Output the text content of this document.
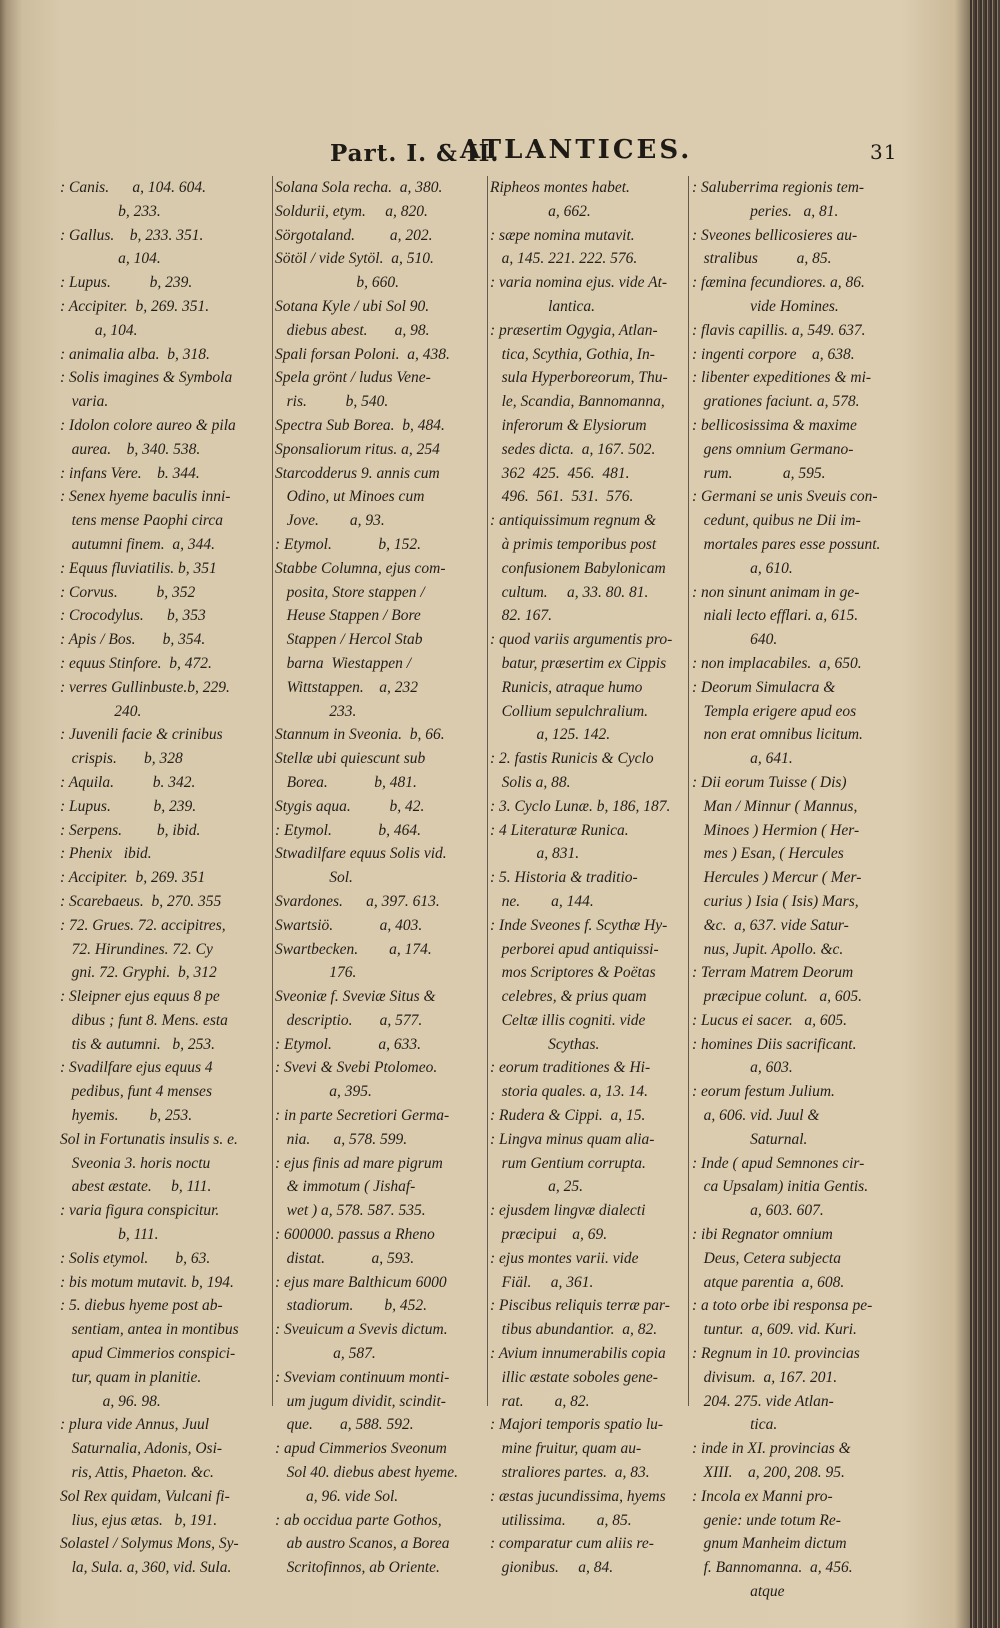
Part. I. & II.
ATLANTICES.	31
: Canis.      a, 104. 604.
b, 233.
: Gallus.    b, 233. 351.
a, 104.
: Lupus.          b, 239.
: Accipiter.  b, 269. 351.
a, 104.
: animalia alba.  b, 318.
: Solis imagines & Symbola
varia.
: Idolon colore aureo & pila
aurea.    b, 340. 538.
: infans Vere.    b. 344.
: Senex hyeme baculis inni-
tens mense Paophi circa
autumni finem.  a, 344.
: Equus fluviatilis. b, 351
: Corvus.          b, 352
: Crocodylus.      b, 353
: Apis / Bos.       b, 354.
: equus Stinfore.  b, 472.
: verres Gullinbuste.b, 229.
240.
: Juvenili facie & crinibus
crispis.       b, 328
: Aquila.          b. 342.
: Lupus.           b, 239.
: Serpens.         b, ibid.
: Phenix   ibid.
: Accipiter.  b, 269. 351
: Scarebaeus.  b, 270. 355
: 72. Grues. 72. accipitres,
72. Hirundines. 72. Cy
gni. 72. Gryphi.  b, 312
: Sleipner ejus equus 8 pe
dibus ; funt 8. Mens. esta
tis & autumni.   b, 253.
: Svadilfare ejus equus 4
pedibus, funt 4 menses
hyemis.        b, 253.
Sol in Fortunatis insulis s. e.
Sveonia 3. horis noctu
abest æstate.     b, 111.
: varia figura conspicitur.
b, 111.
: Solis etymol.       b, 63.
: bis motum mutavit. b, 194.
: 5. diebus hyeme post ab-
sentiam, antea in montibus
apud Cimmerios conspici-
tur, quam in planitie.
a, 96. 98.
: plura vide Annus, Juul
Saturnalia, Adonis, Osi-
ris, Attis, Phaeton. &c.
Sol Rex quidam, Vulcani fi-
lius, ejus ætas.   b, 191.
Solastel / Solymus Mons, Sy-
la, Sula. a, 360, vid. Sula.
Solana Sola recha.  a, 380.
Soldurii, etym.     a, 820.
Sörgotaland.         a, 202.
Sötöl / vide Sytöl.  a, 510.
b, 660.
Sotana Kyle / ubi Sol 90.
diebus abest.       a, 98.
Spali forsan Poloni.  a, 438.
Spela grönt / ludus Vene-
ris.          b, 540.
Spectra Sub Borea.  b, 484.
Sponsaliorum ritus. a, 254
Starcodderus 9. annis cum
Odino, ut Minoes cum
Jove.        a, 93.
: Etymol.            b, 152.
Stabbe Columna, ejus com-
posita, Store stappen /
Heuse Stappen / Bore
Stappen / Hercol Stab
barna  Wiestappen /
Wittstappen.    a, 232
233.
Stannum in Sveonia.  b, 66.
Stellæ ubi quiescunt sub
Borea.            b, 481.
Stygis aqua.          b, 42.
: Etymol.            b, 464.
Stwadilfare equus Solis vid.
Sol.
Svardones.      a, 397. 613.
Swartsiö.            a, 403.
Swartbecken.        a, 174.
176.
Sveoniæ f. Sveviæ Situs &
descriptio.       a, 577.
: Etymol.            a, 633.
: Svevi & Svebi Ptolomeo.
a, 395.
: in parte Secretiori Germa-
nia.      a, 578. 599.
: ejus finis ad mare pigrum
& immotum ( Jishaf-
wet ) a, 578. 587. 535.
: 600000. passus a Rheno
distat.            a, 593.
: ejus mare Balthicum 6000
stadiorum.        b, 452.
: Sveuicum a Svevis dictum.
a, 587.
: Sveviam continuum monti-
um jugum dividit, scindit-
que.       a, 588. 592.
: apud Cimmerios Sveonum
Sol 40. diebus abest hyeme.
a, 96. vide Sol.
: ab occidua parte Gothos,
ab austro Scanos, a Borea
Scritofinnos, ab Oriente.
Ripheos montes habet.
a, 662.
: sæpe nomina mutavit.
a, 145. 221. 222. 576.
: varia nomina ejus. vide At-
lantica.
: præsertim Ogygia, Atlan-
tica, Scythia, Gothia, In-
sula Hyperboreorum, Thu-
le, Scandia, Bannomanna,
inferorum & Elysiorum
sedes dicta.  a, 167. 502.
362  425.  456.  481.
496.  561.  531.  576.
: antiquissimum regnum &
à primis temporibus post
confusionem Babylonicam
cultum.     a, 33. 80. 81.
82. 167.
: quod variis argumentis pro-
batur, præsertim ex Cippis
Runicis, atraque humo
Collium sepulchralium.
a, 125. 142.
: 2. fastis Runicis & Cyclo
Solis a, 88.
: 3. Cyclo Lunæ. b, 186, 187.
: 4 Literaturæ Runica.
a, 831.
: 5. Historia & traditio-
ne.        a, 144.
: Inde Sveones f. Scythæ Hy-
perborei apud antiquissi-
mos Scriptores & Poëtas
celebres, & prius quam
Celtæ illis cogniti. vide
Scythas.
: eorum traditiones & Hi-
storia quales. a, 13. 14.
: Rudera & Cippi.  a, 15.
: Lingva minus quam alia-
rum Gentium corrupta.
a, 25.
: ejusdem lingvæ dialecti
præcipui    a, 69.
: ejus montes varii. vide
Fiäl.     a, 361.
: Piscibus reliquis terræ par-
tibus abundantior.  a, 82.
: Avium innumerabilis copia
illic æstate soboles gene-
rat.        a, 82.
: Majori temporis spatio lu-
mine fruitur, quam au-
straliores partes.  a, 83.
: æstas jucundissima, hyems
utilissima.        a, 85.
: comparatur cum aliis re-
gionibus.     a, 84.
: Saluberrima regionis tem-
peries.   a, 81.
: Sveones bellicosieres au-
stralibus          a, 85.
: fæmina fecundiores. a, 86.
vide Homines.
: flavis capillis. a, 549. 637.
: ingenti corpore    a, 638.
: libenter expeditiones & mi-
grationes faciunt. a, 578.
: bellicosissima & maxime
gens omnium Germano-
rum.             a, 595.
: Germani se unis Sveuis con-
cedunt, quibus ne Dii im-
mortales pares esse possunt.
a, 610.
: non sinunt animam in ge-
niali lecto efflari. a, 615.
640.
: non implacabiles.  a, 650.
: Deorum Simulacra &
Templa erigere apud eos
non erat omnibus licitum.
a, 641.
: Dii eorum Tuisse ( Dis)
Man / Minnur ( Mannus,
Minoes ) Hermion ( Her-
mes ) Esan, ( Hercules
Hercules ) Mercur ( Mer-
curius ) Isia ( Isis) Mars,
&c.  a, 637. vide Satur-
nus, Jupit. Apollo. &c.
: Terram Matrem Deorum
præcipue colunt.   a, 605.
: Lucus ei sacer.   a, 605.
: homines Diis sacrificant.
a, 603.
: eorum festum Julium.
a, 606. vid. Juul &
Saturnal.
: Inde ( apud Semnones cir-
ca Upsalam) initia Gentis.
a, 603. 607.
: ibi Regnator omnium
Deus, Cetera subjecta
atque parentia  a, 608.
: a toto orbe ibi responsa pe-
tuntur.  a, 609. vid. Kuri.
: Regnum in 10. provincias
divisum.  a, 167. 201.
204. 275. vide Atlan-
tica.
: inde in XI. provincias &
XIII.    a, 200, 208. 95.
: Incola ex Manni pro-
genie: unde totum Re-
gnum Manheim dictum
f. Bannomanna.  a, 456.
atque
